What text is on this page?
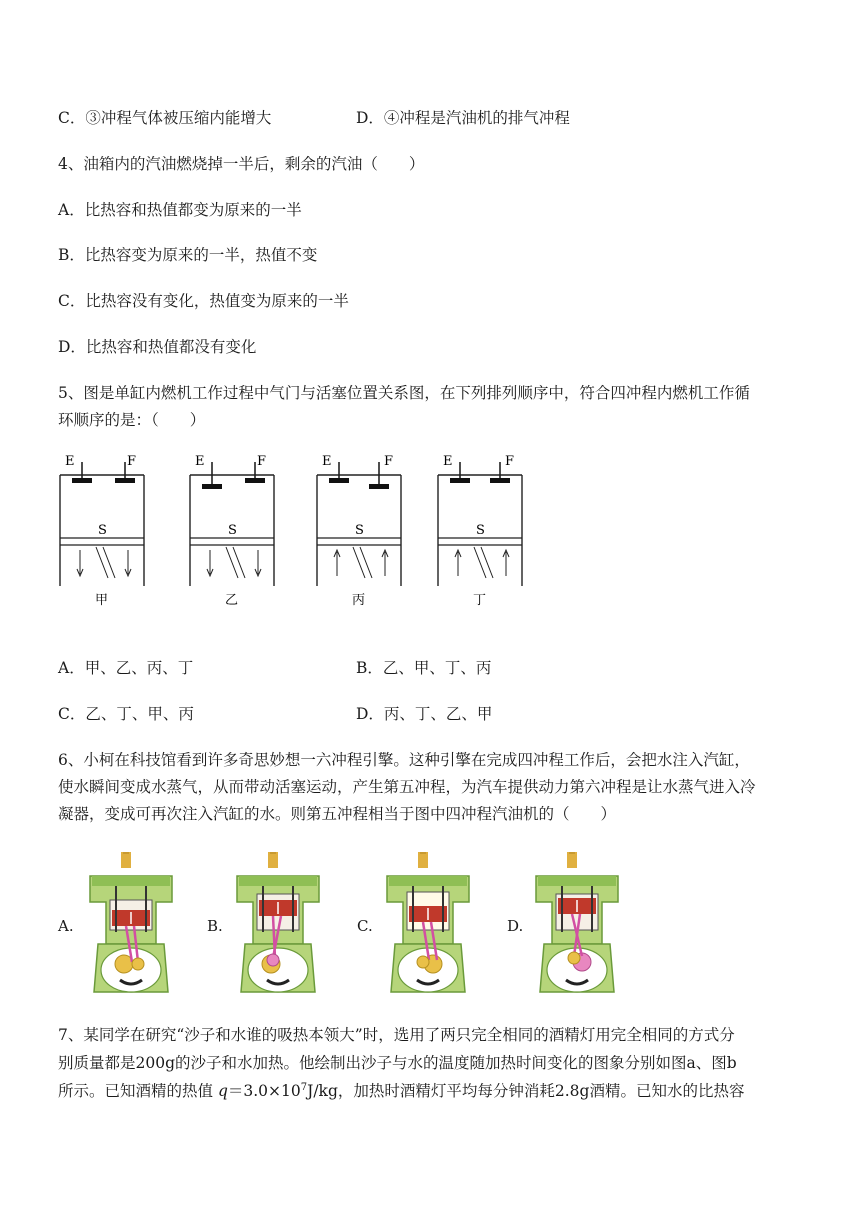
C．③冲程气体被压缩内能增大	D．④冲程是汽油机的排气冲程
4、油箱内的汽油燃烧掉一半后，剩余的汽油（　　）
A．比热容和热值都变为原来的一半
B．比热容变为原来的一半，热值不变
C．比热容没有变化，热值变为原来的一半
D．比热容和热值都没有变化
5、图是单缸内燃机工作过程中气门与活塞位置关系图，在下列排列顺序中，符合四冲程内燃机工作循
环顺序的是：（　　）
E	F
S
甲
E	F
S
乙
E	F
S
丙
E	F
S
丁
A．甲、乙、丙、丁	B．乙、甲、丁、丙
C．乙、丁、甲、丙	D．丙、丁、乙、甲
6、小柯在科技馆看到许多奇思妙想一六冲程引擎。这种引擎在完成四冲程工作后，会把水注入汽缸，
使水瞬间变成水蒸气，从而带动活塞运动，产生第五冲程，为汽车提供动力第六冲程是让水蒸气进入冷
凝器，变成可再次注入汽缸的水。则第五冲程相当于图中四冲程汽油机的（　　）
A.	B.	C.	D.
7、某同学在研究“沙子和水谁的吸热本领大”时，选用了两只完全相同的酒精灯用完全相同的方式分
别质量都是200g的沙子和水加热。他绘制出沙子与水的温度随加热时间变化的图象分别如图a、图b
所示。已知酒精的热值 $q=3.0\times 10^7J/kg$，加热时酒精灯平均每分钟消耗2.8g酒精。已知水的比热容
